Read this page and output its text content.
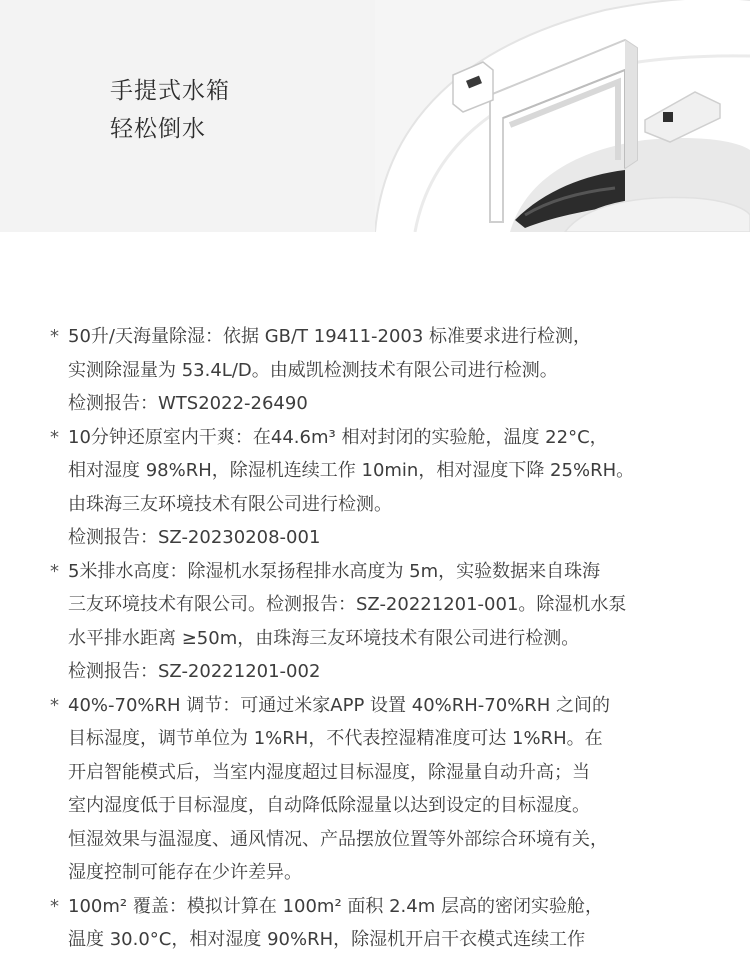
手提式水箱
轻松倒水
* 50升/天海量除湿：依据 GB/T 19411-2003 标准要求进行检测，
实测除湿量为 53.4L/D。由威凯检测技术有限公司进行检测。
检测报告：WTS2022-26490
* 10分钟还原室内干爽：在44.6m³ 相对封闭的实验舱，温度 22°C，
相对湿度 98%RH，除湿机连续工作 10min，相对湿度下降 25%RH。
由珠海三友环境技术有限公司进行检测。
检测报告：SZ-20230208-001
* 5米排水高度：除湿机水泵扬程排水高度为 5m，实验数据来自珠海
三友环境技术有限公司。检测报告：SZ-20221201-001。除湿机水泵
水平排水距离 ≥50m，由珠海三友环境技术有限公司进行检测。
检测报告：SZ-20221201-002
* 40%-70%RH 调节：可通过米家APP 设置 40%RH-70%RH 之间的
目标湿度，调节单位为 1%RH，不代表控湿精准度可达 1%RH。在
开启智能模式后，当室内湿度超过目标湿度，除湿量自动升高；当
室内湿度低于目标湿度，自动降低除湿量以达到设定的目标湿度。
恒湿效果与温湿度、通风情况、产品摆放位置等外部综合环境有关，
湿度控制可能存在少许差异。
* 100m² 覆盖：模拟计算在 100m² 面积 2.4m 层高的密闭实验舱，
温度 30.0°C，相对湿度 90%RH，除湿机开启干衣模式连续工作
